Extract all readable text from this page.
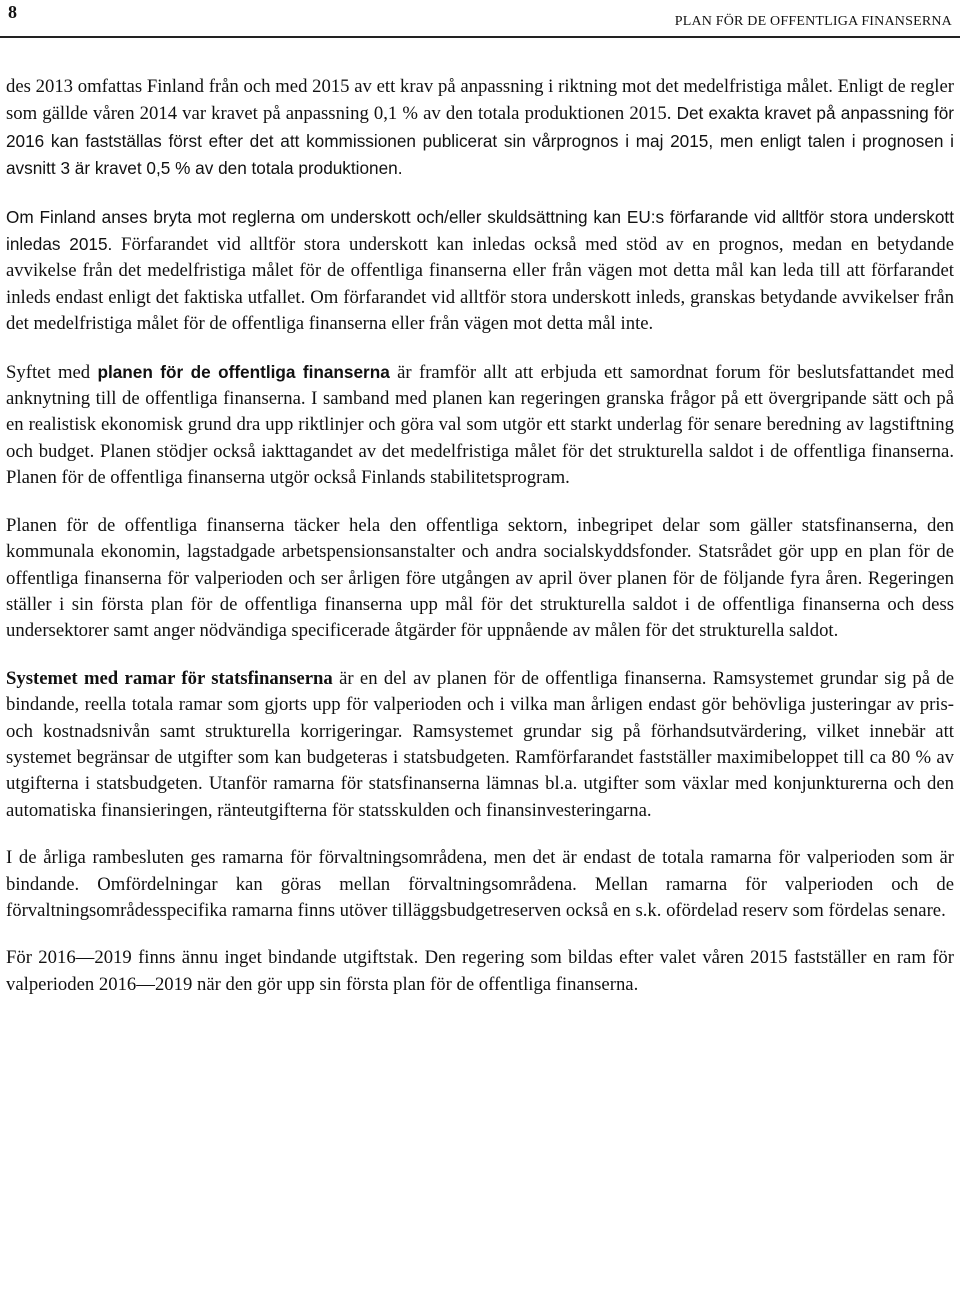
8	PLAN FÖR DE OFFENTLIGA FINANSERNA

des 2013 omfattas Finland från och med 2015 av ett krav på anpassning i riktning mot det medelfristiga målet. Enligt de regler som gällde våren 2014 var kravet på anpassning 0,1 % av den totala produktionen 2015. Det exakta kravet på anpassning för 2016 kan fastställas först efter det att kommissionen publicerat sin vårprognos i maj 2015, men enligt talen i prognosen i avsnitt 3 är kravet 0,5 % av den totala produktionen.

Om Finland anses bryta mot reglerna om underskott och/eller skuldsättning kan EU:s förfarande vid alltför stora underskott inledas 2015. Förfarandet vid alltför stora underskott kan inledas också med stöd av en prognos, medan en betydande avvikelse från det medelfristiga målet för de offentliga finanserna eller från vägen mot detta mål kan leda till att förfarandet inleds endast enligt det faktiska utfallet. Om förfarandet vid alltför stora underskott inleds, granskas betydande avvikelser från det medelfristiga målet för de offentliga finanserna eller från vägen mot detta mål inte.

Syftet med planen för de offentliga finanserna är framför allt att erbjuda ett samordnat forum för beslutsfattandet med anknytning till de offentliga finanserna. I samband med planen kan regeringen granska frågor på ett övergripande sätt och på en realistisk ekonomisk grund dra upp riktlinjer och göra val som utgör ett starkt underlag för senare beredning av lagstiftning och budget. Planen stödjer också iakttagandet av det medelfristiga målet för det strukturella saldot i de offentliga finanserna. Planen för de offentliga finanserna utgör också Finlands stabilitetsprogram.

Planen för de offentliga finanserna täcker hela den offentliga sektorn, inbegripet delar som gäller statsfinanserna, den kommunala ekonomin, lagstadgade arbetspensionsanstalter och andra socialskyddsfonder. Statsrådet gör upp en plan för de offentliga finanserna för valperioden och ser årligen före utgången av april över planen för de följande fyra åren. Regeringen ställer i sin första plan för de offentliga finanserna upp mål för det strukturella saldot i de offentliga finanserna och dess undersektorer samt anger nödvändiga specificerade åtgärder för uppnående av målen för det strukturella saldot.

Systemet med ramar för statsfinanserna är en del av planen för de offentliga finanserna. Ramsystemet grundar sig på de bindande, reella totala ramar som gjorts upp för valperioden och i vilka man årligen endast gör behövliga justeringar av pris- och kostnadsnivån samt strukturella korrigeringar. Ramsystemet grundar sig på förhandsutvärdering, vilket innebär att systemet begränsar de utgifter som kan budgeteras i statsbudgeten. Ramförfarandet fastställer maximibeloppet till ca 80 % av utgifterna i statsbudgeten. Utanför ramarna för statsfinanserna lämnas bl.a. utgifter som växlar med konjunkturerna och den automatiska finansieringen, ränteutgifterna för statsskulden och finansinvesteringarna.

I de årliga rambesluten ges ramarna för förvaltningsområdena, men det är endast de totala ramarna för valperioden som är bindande. Omfördelningar kan göras mellan förvaltningsområdena. Mellan ramarna för valperioden och de förvaltningsområdesspecifika ramarna finns utöver tilläggsbudgetreserven också en s.k. ofördelad reserv som fördelas senare.

För 2016—2019 finns ännu inget bindande utgiftstak. Den regering som bildas efter valet våren 2015 fastställer en ram för valperioden 2016—2019 när den gör upp sin första plan för de offentliga finanserna.
